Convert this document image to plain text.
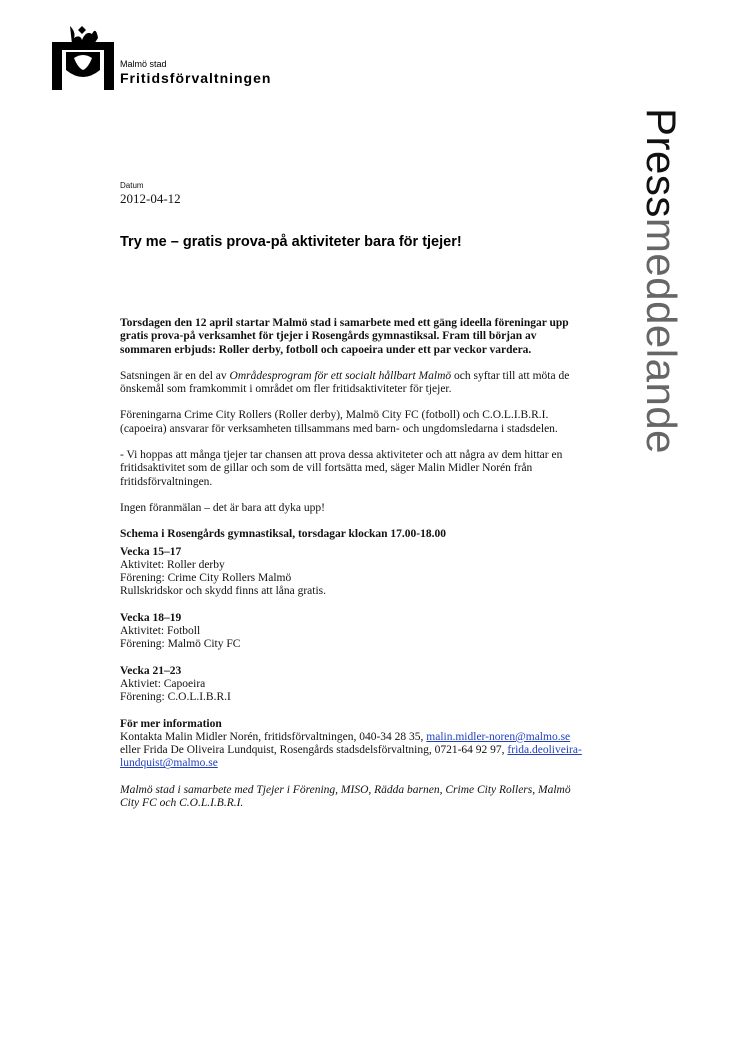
Malmö stad
Fritidsförvaltningen
Pressmeddelande
Datum
2012-04-12
Try me – gratis prova-på aktiviteter bara för tjejer!

Torsdagen den 12 april startar Malmö stad i samarbete med ett gäng ideella föreningar upp gratis prova-på verksamhet för tjejer i Rosengårds gymnastiksal. Fram till början av sommaren erbjuds: Roller derby, fotboll och capoeira under ett par veckor vardera.

Satsningen är en del av Områdesprogram för ett socialt hållbart Malmö och syftar till att möta de önskemål som framkommit i området om fler fritidsaktiviteter för tjejer.

Föreningarna Crime City Rollers (Roller derby), Malmö City FC (fotboll) och C.O.L.I.B.R.I. (capoeira) ansvarar för verksamheten tillsammans med barn- och ungdomsledarna i stadsdelen.

- Vi hoppas att många tjejer tar chansen att prova dessa aktiviteter och att några av dem hittar en fritidsaktivitet som de gillar och som de vill fortsätta med, säger Malin Midler Norén från fritidsförvaltningen.

Ingen föranmälan – det är bara att dyka upp!

Schema i Rosengårds gymnastiksal, torsdagar klockan 17.00-18.00
Vecka 15–17
Aktivitet: Roller derby
Förening: Crime City Rollers Malmö
Rullskridskor och skydd finns att låna gratis.
Vecka 18–19
Aktivitet: Fotboll
Förening: Malmö City FC
Vecka 21–23
Aktiviet: Capoeira
Förening: C.O.L.I.B.R.I
För mer information
Kontakta Malin Midler Norén, fritidsförvaltningen, 040-34 28 35, malin.midler-noren@malmo.se eller Frida De Oliveira Lundquist, Rosengårds stadsdelsförvaltning, 0721-64 92 97, frida.deoliveira-lundquist@malmo.se

Malmö stad i samarbete med Tjejer i Förening, MISO, Rädda barnen, Crime City Rollers, Malmö City FC och C.O.L.I.B.R.I.
